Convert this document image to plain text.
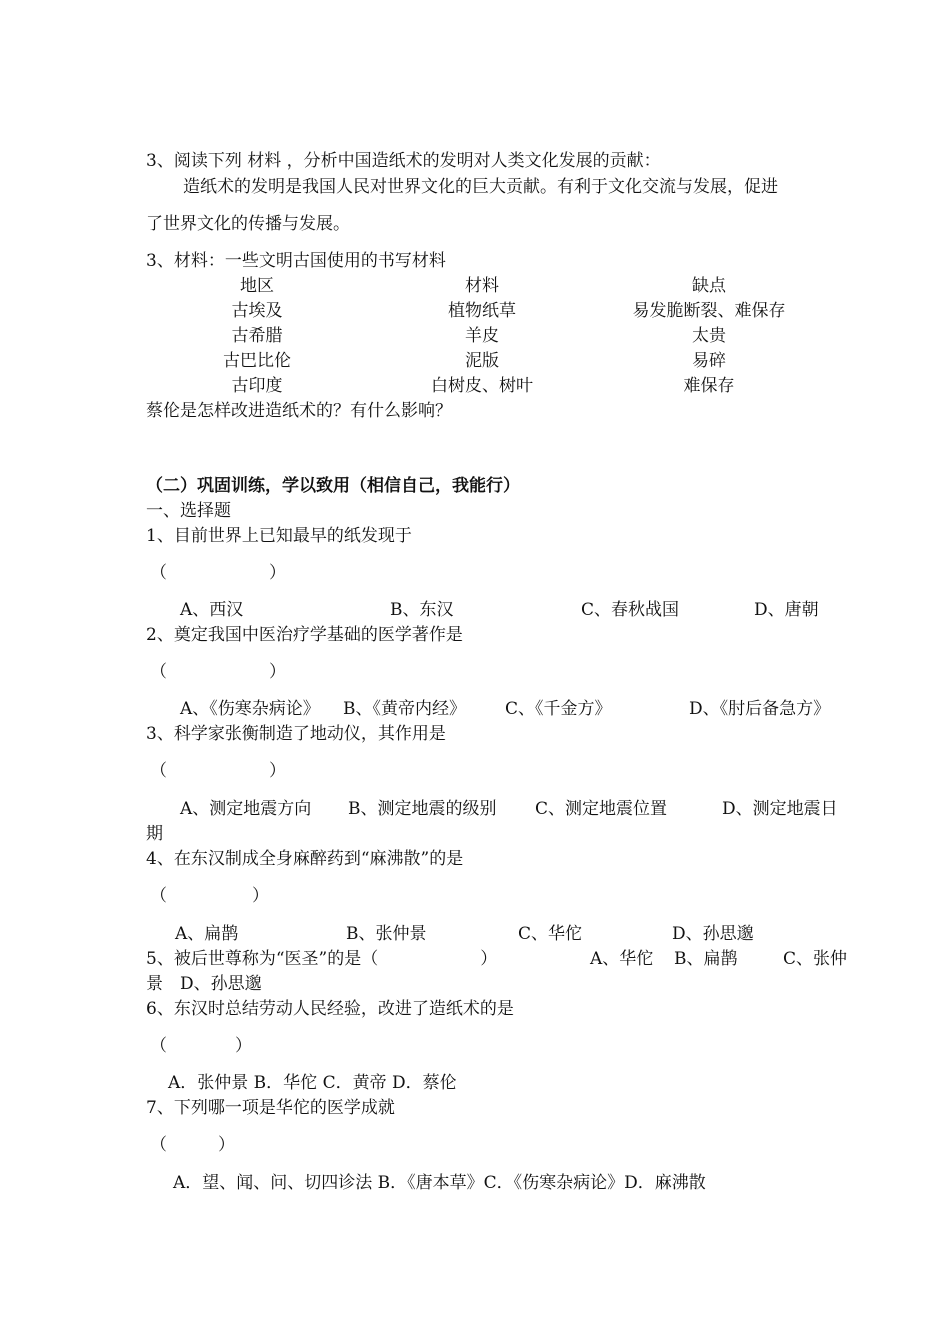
3、阅读下列 材料 ，分析中国造纸术的发明对人类文化发展的贡献：
造纸术的发明是我国人民对世界文化的巨大贡献。有利于文化交流与发展，促进
了世界文化的传播与发展。
3、材料：一些文明古国使用的书写材料
地区	材料	缺点
古埃及	植物纸草	易发脆断裂、难保存
古希腊	羊皮	太贵
古巴比伦	泥版	易碎
古印度	白树皮、树叶	难保存
蔡伦是怎样改进造纸术的？有什么影响？
（二）巩固训练，学以致用（相信自己，我能行）
一、选择题
1、目前世界上已知最早的纸发现于
（　　　　　　）
A、西汉	B、东汉	C、春秋战国	D、唐朝
2、奠定我国中医治疗学基础的医学著作是
（　　　　　　）
A、《伤寒杂病论》 B、《黄帝内经》 C、《千金方》	D、《肘后备急方》
3、科学家张衡制造了地动仪，其作用是
（　　　　　　）
A、测定地震方向 B、测定地震的级别 C、测定地震位置	D、测定地震日
期
4、在东汉制成全身麻醉药到“麻沸散”的是
（　　　　　）
A、扁鹊	B、张仲景	C、华佗	D、孙思邈
5、被后世尊称为“医圣”的是（　　　　　　）	A、华佗 B、扁鹊	C、张仲
景　D、孙思邈
6、东汉时总结劳动人民经验，改进了造纸术的是
（　　　　）
A．张仲景 B．华佗 C．黄帝 D．蔡伦
7、下列哪一项是华佗的医学成就
（　　　）
A．望、闻、问、切四诊法 B．《唐本草》C．《伤寒杂病论》D．麻沸散
